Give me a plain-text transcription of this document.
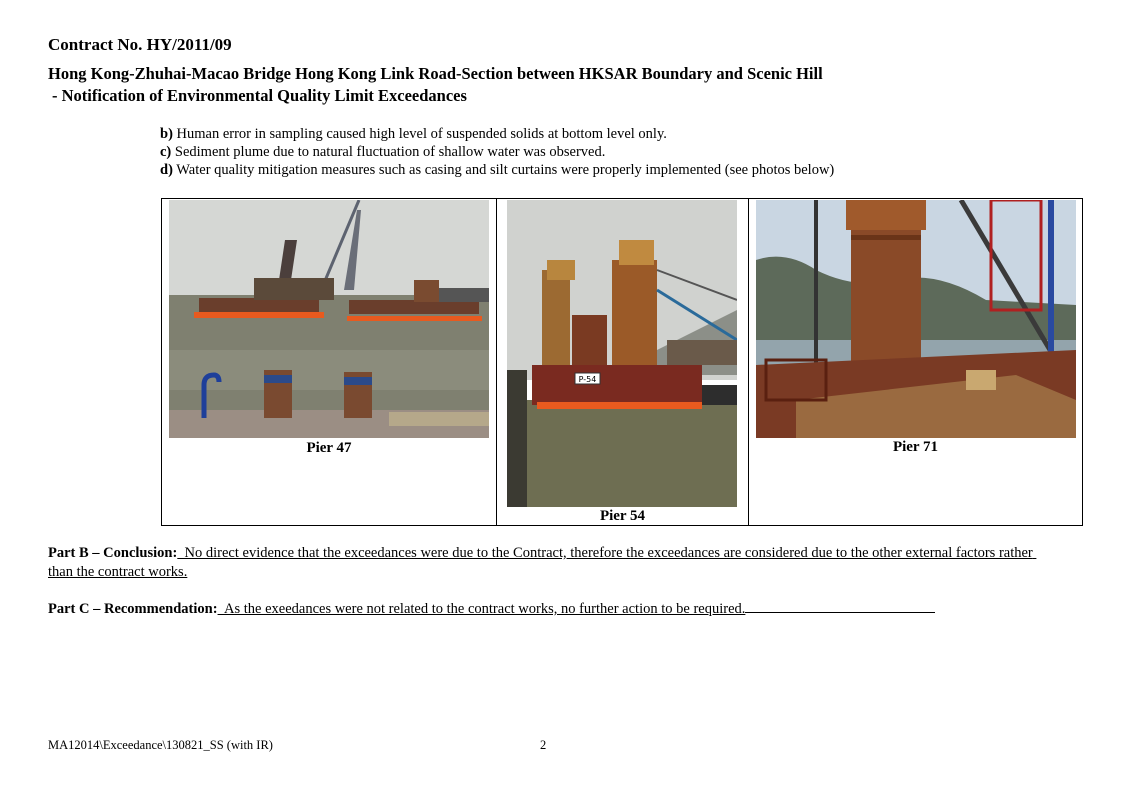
Contract No. HY/2011/09
Hong Kong-Zhuhai-Macao Bridge Hong Kong Link Road-Section between HKSAR Boundary and Scenic Hill
- Notification of Environmental Quality Limit Exceedances
b) Human error in sampling caused high level of suspended solids at bottom level only.
c) Sediment plume due to natural fluctuation of shallow water was observed.
d) Water quality mitigation measures such as casing and silt curtains were properly implemented (see photos below)
Pier 47
P-54
Pier 54
Pier 71
Part B – Conclusion:  No direct evidence that the exceedances were due to the Contract, therefore the exceedances are considered due to the other external factors rather than the contract works.
Part C – Recommendation:  As the exeedances were not related to the contract works, no further action to be required.
MA12014\Exceedance\130821_SS (with IR)	2
